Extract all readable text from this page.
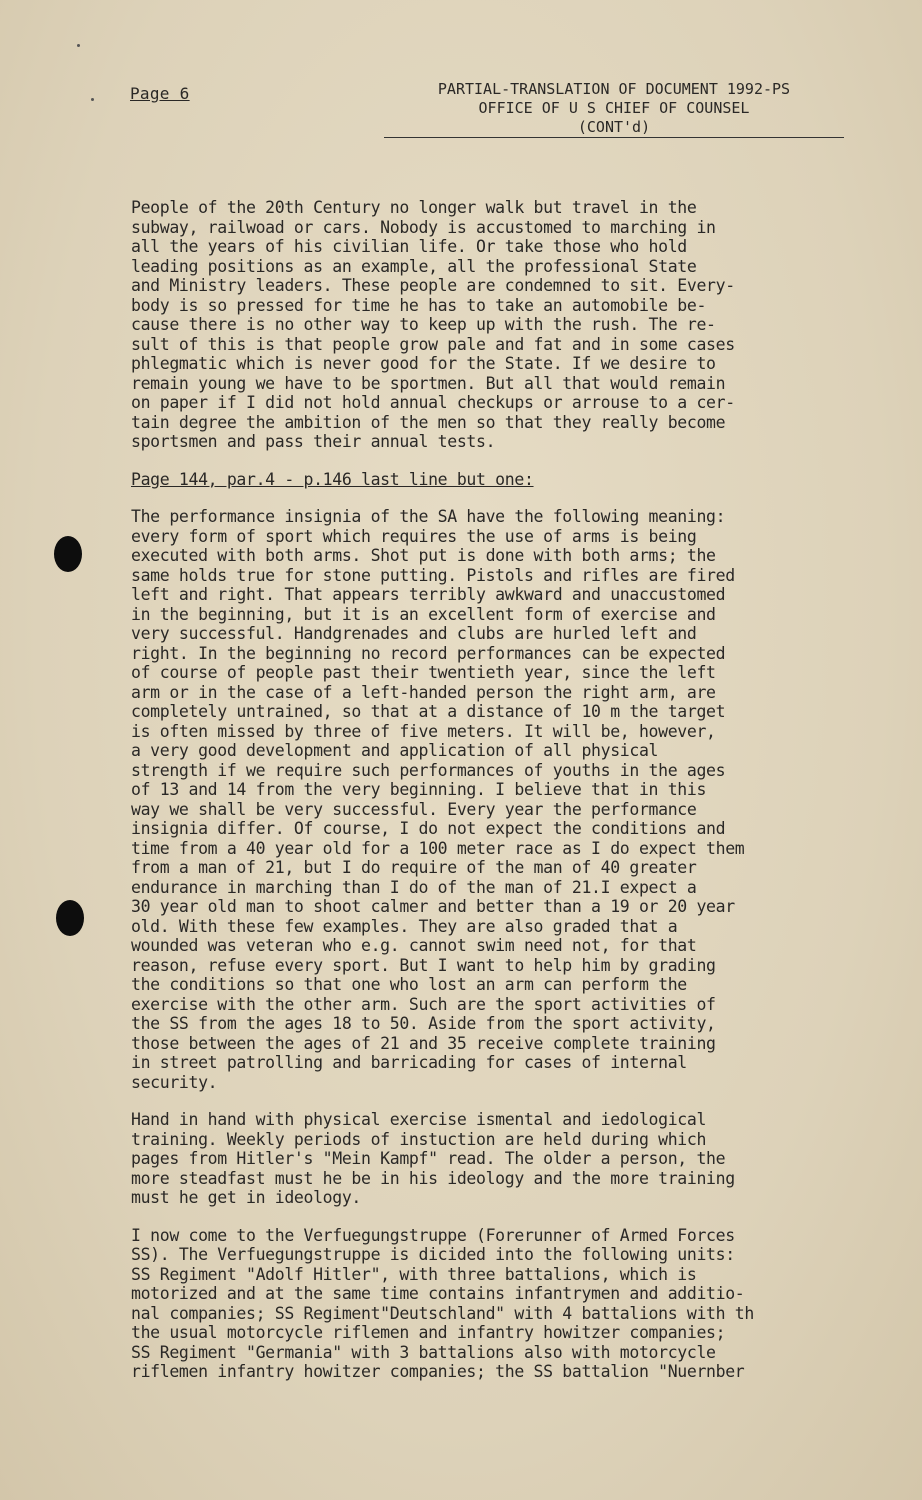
Page 6	PARTIAL-TRANSLATION OF DOCUMENT 1992-PS
OFFICE OF U S CHIEF OF COUNSEL
(CONT'd)

People of the 20th Century no longer walk but travel in the
subway, railwoad or cars. Nobody is accustomed to marching in
all the years of his civilian life. Or take those who hold
leading positions as an example, all the professional State
and Ministry leaders. These people are condemned to sit. Every-
body is so pressed for time he has to take an automobile be-
cause there is no other way to keep up with the rush. The re-
sult of this is that people grow pale and fat and in some cases
phlegmatic which is never good for the State. If we desire to
remain young we have to be sportmen. But all that would remain
on paper if I did not hold annual checkups or arrouse to a cer-
tain degree the ambition of the men so that they really become
sportsmen and pass their annual tests.

Page 144, par.4 - p.146 last line but one:

The performance insignia of the SA have the following meaning:
every form of sport which requires the use of arms is being
executed with both arms. Shot put is done with both arms; the
same holds true for stone putting. Pistols and rifles are fired
left and right. That appears terribly awkward and unaccustomed
in the beginning, but it is an excellent form of exercise and
very successful. Handgrenades and clubs are hurled left and
right. In the beginning no record performances can be expected
of course of people past their twentieth year, since the left
arm or in the case of a left-handed person the right arm, are
completely untrained, so that at a distance of 10 m the target
is often missed by three of five meters. It will be, however,
a very good development and application of all physical
strength if we require such performances of youths in the ages
of 13 and 14 from the very beginning. I believe that in this
way we shall be very successful. Every year the performance
insignia differ. Of course, I do not expect the conditions and
time from a 40 year old for a 100 meter race as I do expect them
from a man of 21, but I do require of the man of 40 greater
endurance in marching than I do of the man of 21.I expect a
30 year old man to shoot calmer and better than a 19 or 20 year
old. With these few examples. They are also graded that a
wounded was veteran who e.g. cannot swim need not, for that
reason, refuse every sport. But I want to help him by grading
the conditions so that one who lost an arm can perform the
exercise with the other arm. Such are the sport activities of
the SS from the ages 18 to 50. Aside from the sport activity,
those between the ages of 21 and 35 receive complete training
in street patrolling and barricading for cases of internal
security.

Hand in hand with physical exercise ismental and iedological
training. Weekly periods of instuction are held during which
pages from Hitler's "Mein Kampf" read. The older a person, the
more steadfast must he be in his ideology and the more training
must he get in ideology.

I now come to the Verfuegungstruppe (Forerunner of Armed Forces
SS). The Verfuegungstruppe is dicided into the following units:
SS Regiment "Adolf Hitler", with three battalions, which is
motorized and at the same time contains infantrymen and additio-
nal companies; SS Regiment"Deutschland" with 4 battalions with th
the usual motorcycle riflemen and infantry howitzer companies;
SS Regiment "Germania" with 3 battalions also with motorcycle
riflemen infantry howitzer companies; the SS battalion "Nuernber
